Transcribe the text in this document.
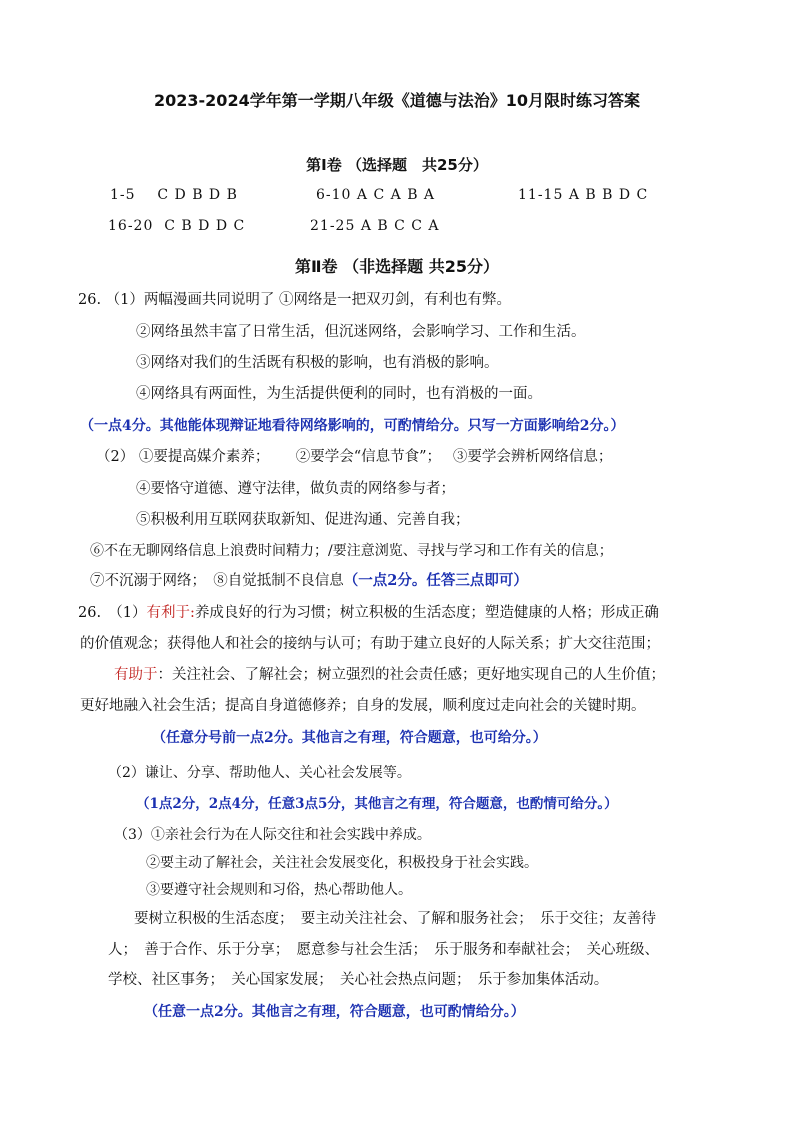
2023-2024学年第一学期八年级《道德与法治》10月限时练习答案
第Ⅰ卷 （选择题　共25分）
1-5 C D B D B	6-10 A C A B A	11-15 A B B D C
16-20 C B D D C	21-25 A B C C A
第Ⅱ卷 （非选择题 共25分）
26. （1）两幅漫画共同说明了 ①网络是一把双刃剑，有利也有弊。
②网络虽然丰富了日常生活，但沉迷网络，会影响学习、工作和生活。
③网络对我们的生活既有积极的影响，也有消极的影响。
④网络具有两面性，为生活提供便利的同时，也有消极的一面。
（一点4分。其他能体现辩证地看待网络影响的，可酌情给分。只写一方面影响给2分。）
（2） ①要提高媒介素养；　　 ②要学会“信息节食”；　 ③要学会辨析网络信息；
④要恪守道德、遵守法律，做负责的网络参与者；
⑤积极利用互联网获取新知、促进沟通、完善自我；
⑥不在无聊网络信息上浪费时间精力；/要注意浏览、寻找与学习和工作有关的信息；
⑦不沉溺于网络；　⑧自觉抵制不良信息（一点2分。任答三点即可）
26.　（1）有利于:养成良好的行为习惯；树立积极的生活态度；塑造健康的人格；形成正确
的价值观念；获得他人和社会的接纳与认可；有助于建立良好的人际关系；扩大交往范围；
有助于：关注社会、了解社会；树立强烈的社会责任感；更好地实现自己的人生价值；
更好地融入社会生活；提高自身道德修养；自身的发展，顺利度过走向社会的关键时期。
（任意分号前一点2分。其他言之有理，符合题意，也可给分。）
（2）谦让、分享、帮助他人、关心社会发展等。
（1点2分，2点4分，任意3点5分，其他言之有理，符合题意，也酌情可给分。）
（3）①亲社会行为在人际交往和社会实践中养成。
②要主动了解社会，关注社会发展变化，积极投身于社会实践。
③要遵守社会规则和习俗，热心帮助他人。
要树立积极的生活态度；　要主动关注社会、了解和服务社会；　乐于交往；友善待
人；　善于合作、乐于分享；　愿意参与社会生活；　乐于服务和奉献社会；　关心班级、
学校、社区事务；　关心国家发展；　关心社会热点问题；　乐于参加集体活动。
（任意一点2分。其他言之有理，符合题意，也可酌情给分。）
